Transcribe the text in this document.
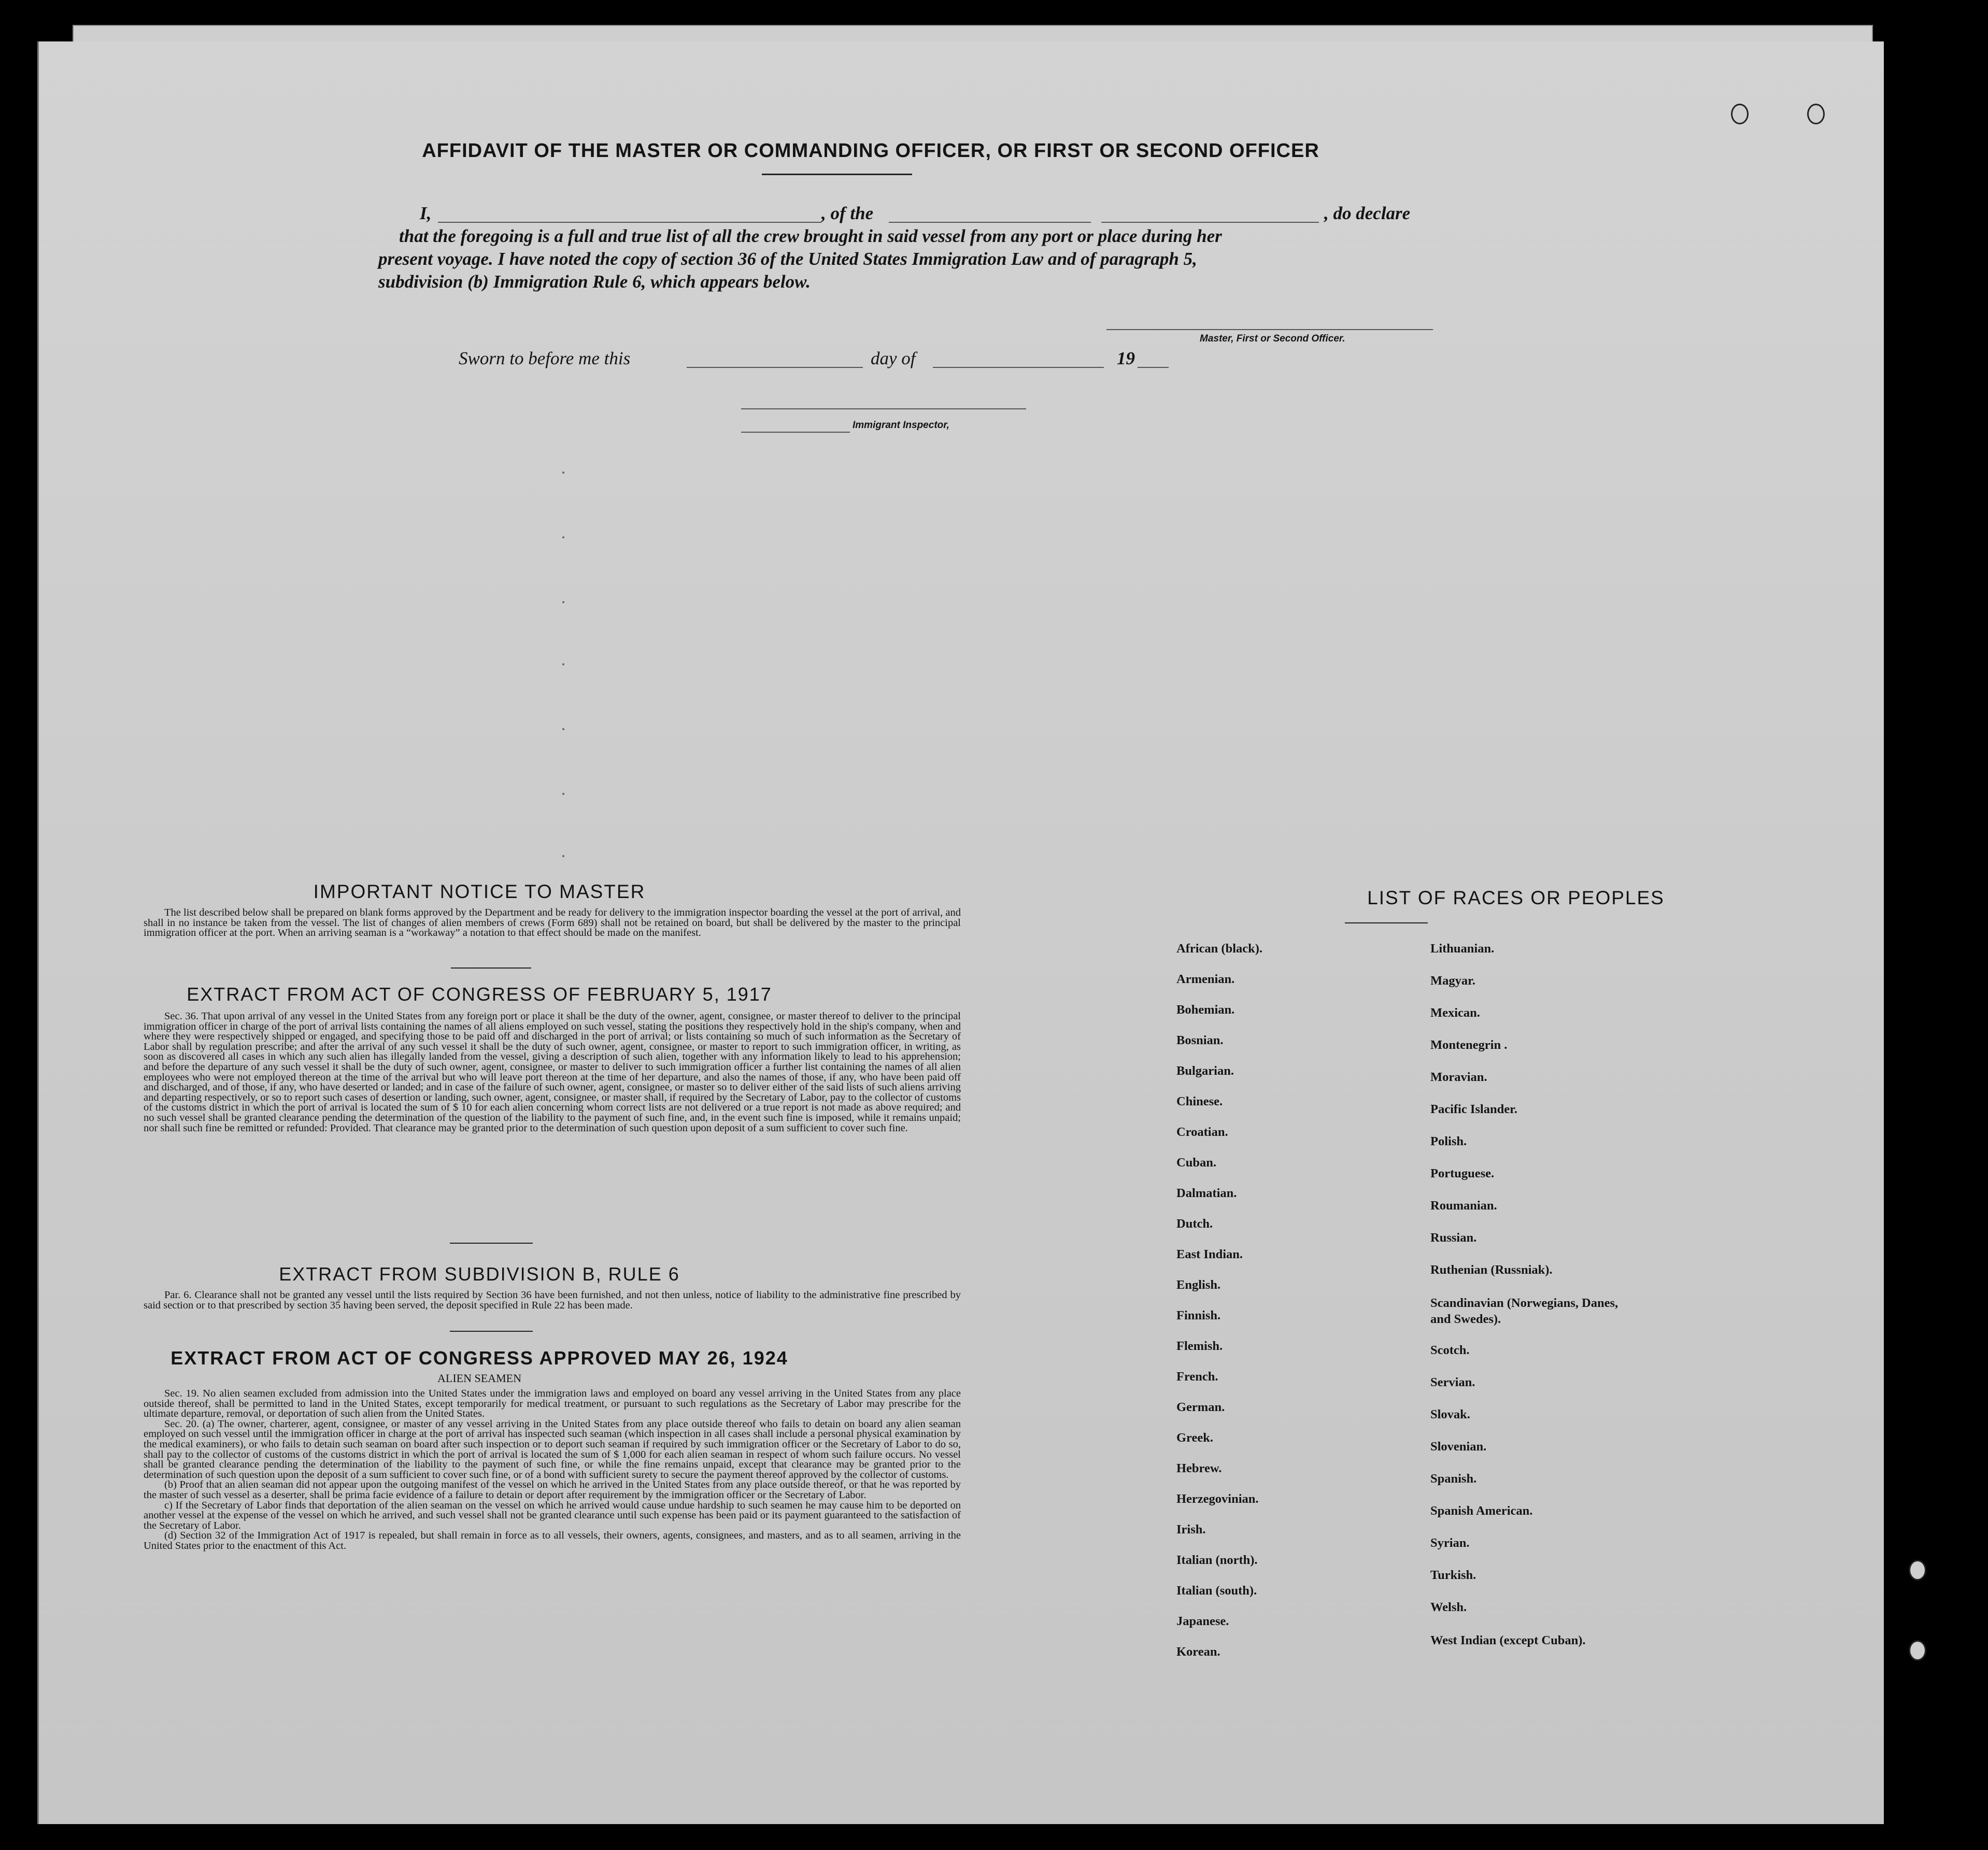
AFFIDAVIT OF THE MASTER OR COMMANDING OFFICER, OR FIRST OR SECOND OFFICER
I,	, of the	, do declare
that the foregoing is a full and true list of all the crew brought in said vessel from any port or place during her
present voyage. I have noted the copy of section 36 of the United States Immigration Law and of paragraph 5,
subdivision (b) Immigration Rule 6, which appears below.
Master, First or Second Officer.
Sworn to before me this	day of	19
Immigrant Inspector,
IMPORTANT NOTICE TO MASTER
The list described below shall be prepared on blank forms approved by the Department and be ready for delivery to the immigration inspector boarding the vessel at the port of arrival, and shall in no instance be taken from the vessel. The list of changes of alien members of crews (Form 689) shall not be retained on board, but shall be delivered by the master to the principal immigration officer at the port. When an arriving seaman is a “workaway” a notation to that effect should be made on the manifest.
EXTRACT FROM ACT OF CONGRESS OF FEBRUARY 5, 1917
Sec. 36. That upon arrival of any vessel in the United States from any foreign port or place it shall be the duty of the owner, agent, consignee, or master thereof to deliver to the principal immigration officer in charge of the port of arrival lists containing the names of all aliens employed on such vessel, stating the positions they respectively hold in the ship's company, when and where they were respectively shipped or engaged, and specifying those to be paid off and discharged in the port of arrival; or lists containing so much of such information as the Secretary of Labor shall by regulation prescribe; and after the arrival of any such vessel it shall be the duty of such owner, agent, consignee, or master to report to such immigration officer, in writing, as soon as discovered all cases in which any such alien has illegally landed from the vessel, giving a description of such alien, together with any information likely to lead to his apprehension; and before the departure of any such vessel it shall be the duty of such owner, agent, consignee, or master to deliver to such immigration officer a further list containing the names of all alien employees who were not employed thereon at the time of the arrival but who will leave port thereon at the time of her departure, and also the names of those, if any, who have been paid off and discharged, and of those, if any, who have deserted or landed; and in case of the failure of such owner, agent, consignee, or master so to deliver either of the said lists of such aliens arriving and departing respectively, or so to report such cases of desertion or landing, such owner, agent, consignee, or master shall, if required by the Secretary of Labor, pay to the collector of customs of the customs district in which the port of arrival is located the sum of $ 10 for each alien concerning whom correct lists are not delivered or a true report is not made as above required; and no such vessel shall be granted clearance pending the determination of the question of the liability to the payment of such fine, and, in the event such fine is imposed, while it remains unpaid; nor shall such fine be remitted or refunded: Provided. That clearance may be granted prior to the determination of such question upon deposit of a sum sufficient to cover such fine.
EXTRACT FROM SUBDIVISION B, RULE 6
Par. 6. Clearance shall not be granted any vessel until the lists required by Section 36 have been furnished, and not then unless, notice of liability to the administrative fine prescribed by said section or to that prescribed by section 35 having been served, the deposit specified in Rule 22 has been made.
EXTRACT FROM ACT OF CONGRESS APPROVED MAY 26, 1924
ALIEN SEAMEN

Sec. 19. No alien seamen excluded from admission into the United States under the immigration laws and employed on board any vessel arriving in the United States from any place outside thereof, shall be permitted to land in the United States, except temporarily for medical treatment, or pursuant to such regulations as the Secretary of Labor may prescribe for the ultimate departure, removal, or deportation of such alien from the United States.

Sec. 20. (a) The owner, charterer, agent, consignee, or master of any vessel arriving in the United States from any place outside thereof who fails to detain on board any alien seaman employed on such vessel until the immigration officer in charge at the port of arrival has inspected such seaman (which inspection in all cases shall include a personal physical examination by the medical examiners), or who fails to detain such seaman on board after such inspection or to deport such seaman if required by such immigration officer or the Secretary of Labor to do so, shall pay to the collector of customs of the customs district in which the port of arrival is located the sum of $ 1,000 for each alien seaman in respect of whom such failure occurs. No vessel shall be granted clearance pending the determination of the liability to the payment of such fine, or while the fine remains unpaid, except that clearance may be granted prior to the determination of such question upon the deposit of a sum sufficient to cover such fine, or of a bond with sufficient surety to secure the payment thereof approved by the collector of customs.

(b) Proof that an alien seaman did not appear upon the outgoing manifest of the vessel on which he arrived in the United States from any place outside thereof, or that he was reported by the master of such vessel as a deserter, shall be prima facie evidence of a failure to detain or deport after requirement by the immigration officer or the Secretary of Labor.

c) If the Secretary of Labor finds that deportation of the alien seaman on the vessel on which he arrived would cause undue hardship to such seamen he may cause him to be deported on another vessel at the expense of the vessel on which he arrived, and such vessel shall not be granted clearance until such expense has been paid or its payment guaranteed to the satisfaction of the Secretary of Labor.

(d) Section 32 of the Immigration Act of 1917 is repealed, but shall remain in force as to all vessels, their owners, agents, consignees, and masters, and as to all seamen, arriving in the United States prior to the enactment of this Act.

LIST OF RACES OR PEOPLES
African (black).
Armenian.
Bohemian.
Bosnian.
Bulgarian.
Chinese.
Croatian.
Cuban.
Dalmatian.
Dutch.
East Indian.
English.
Finnish.
Flemish.
French.
German.
Greek.
Hebrew.
Herzegovinian.
Irish.
Italian (north).
Italian (south).
Japanese.
Korean.
Lithuanian.
Magyar.
Mexican.
Montenegrin .
Moravian.
Pacific Islander.
Polish.
Portuguese.
Roumanian.
Russian.
Ruthenian (Russniak).
Scandinavian (Norwegians, Danes, and Swedes).
Scotch.
Servian.
Slovak.
Slovenian.
Spanish.
Spanish American.
Syrian.
Turkish.
Welsh.
West Indian (except Cuban).
